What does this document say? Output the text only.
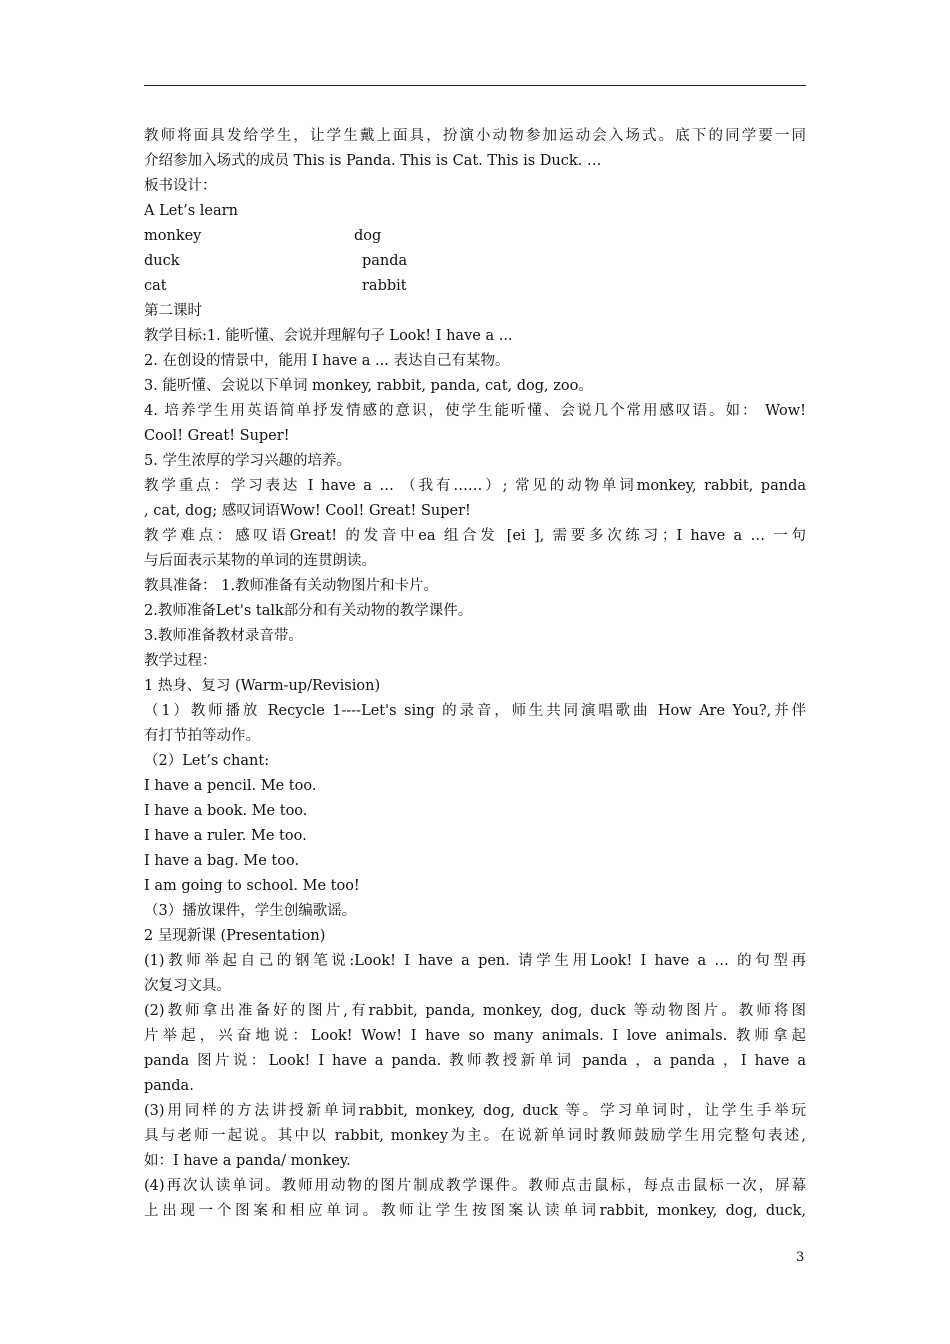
教师将面具发给学生，让学生戴上面具，扮演小动物参加运动会入场式。底下的同学要一同
介绍参加入场式的成员 This is Panda. This is Cat. This is Duck. …
板书设计：
A Let’s learn
monkey	dog
duck	panda
cat	rabbit
第二课时
教学目标:1. 能听懂、会说并理解句子 Look! I have a ...
2. 在创设的情景中，能用 I have a ... 表达自己有某物。
3. 能听懂、会说以下单词 monkey, rabbit, panda, cat, dog, zoo。
4. 培养学生用英语简单抒发情感的意识，使学生能听懂、会说几个常用感叹语。如： Wow!
Cool! Great! Super!
5. 学生浓厚的学习兴趣的培养。
教学重点：学习表达 I have a … （我有……）; 常见的动物单词monkey, rabbit, panda
, cat, dog; 感叹词语Wow! Cool! Great! Super!
教学难点：感叹语Great! 的发音中ea 组合发 [ei ], 需要多次练习；I have a … 一句
与后面表示某物的单词的连贯朗读。
教具准备： 1.教师准备有关动物图片和卡片。
2.教师准备Let's talk部分和有关动物的教学课件。
3.教师准备教材录音带。
教学过程：
1 热身、复习 (Warm-up/Revision)
（1）教师播放 Recycle 1----Let's sing 的录音，师生共同演唱歌曲 How Are You?,并伴
有打节拍等动作。
（2）Let’s chant:
I have a pencil. Me too.
I have a book. Me too.
I have a ruler. Me too.
I have a bag. Me too.
I am going to school. Me too!
（3）播放课件，学生创编歌谣。
2 呈现新课 (Presentation)
(1)教师举起自己的钢笔说:Look! I have a pen. 请学生用Look! I have a … 的句型再
次复习文具。
(2)教师拿出准备好的图片,有rabbit, panda, monkey, dog, duck 等动物图片。教师将图
片举起，兴奋地说：Look! Wow! I have so many animals. I love animals. 教师拿起
panda 图片说：Look! I have a panda. 教师教授新单词 panda ，a panda ，I have a
panda.
(3)用同样的方法讲授新单词rabbit, monkey, dog, duck 等。学习单词时，让学生手举玩
具与老师一起说。其中以 rabbit, monkey为主。在说新单词时教师鼓励学生用完整句表述,
如：I have a panda/ monkey.
(4)再次认读单词。教师用动物的图片制成教学课件。教师点击鼠标，每点击鼠标一次，屏幕
上出现一个图案和相应单词。教师让学生按图案认读单词rabbit, monkey, dog, duck,
3
